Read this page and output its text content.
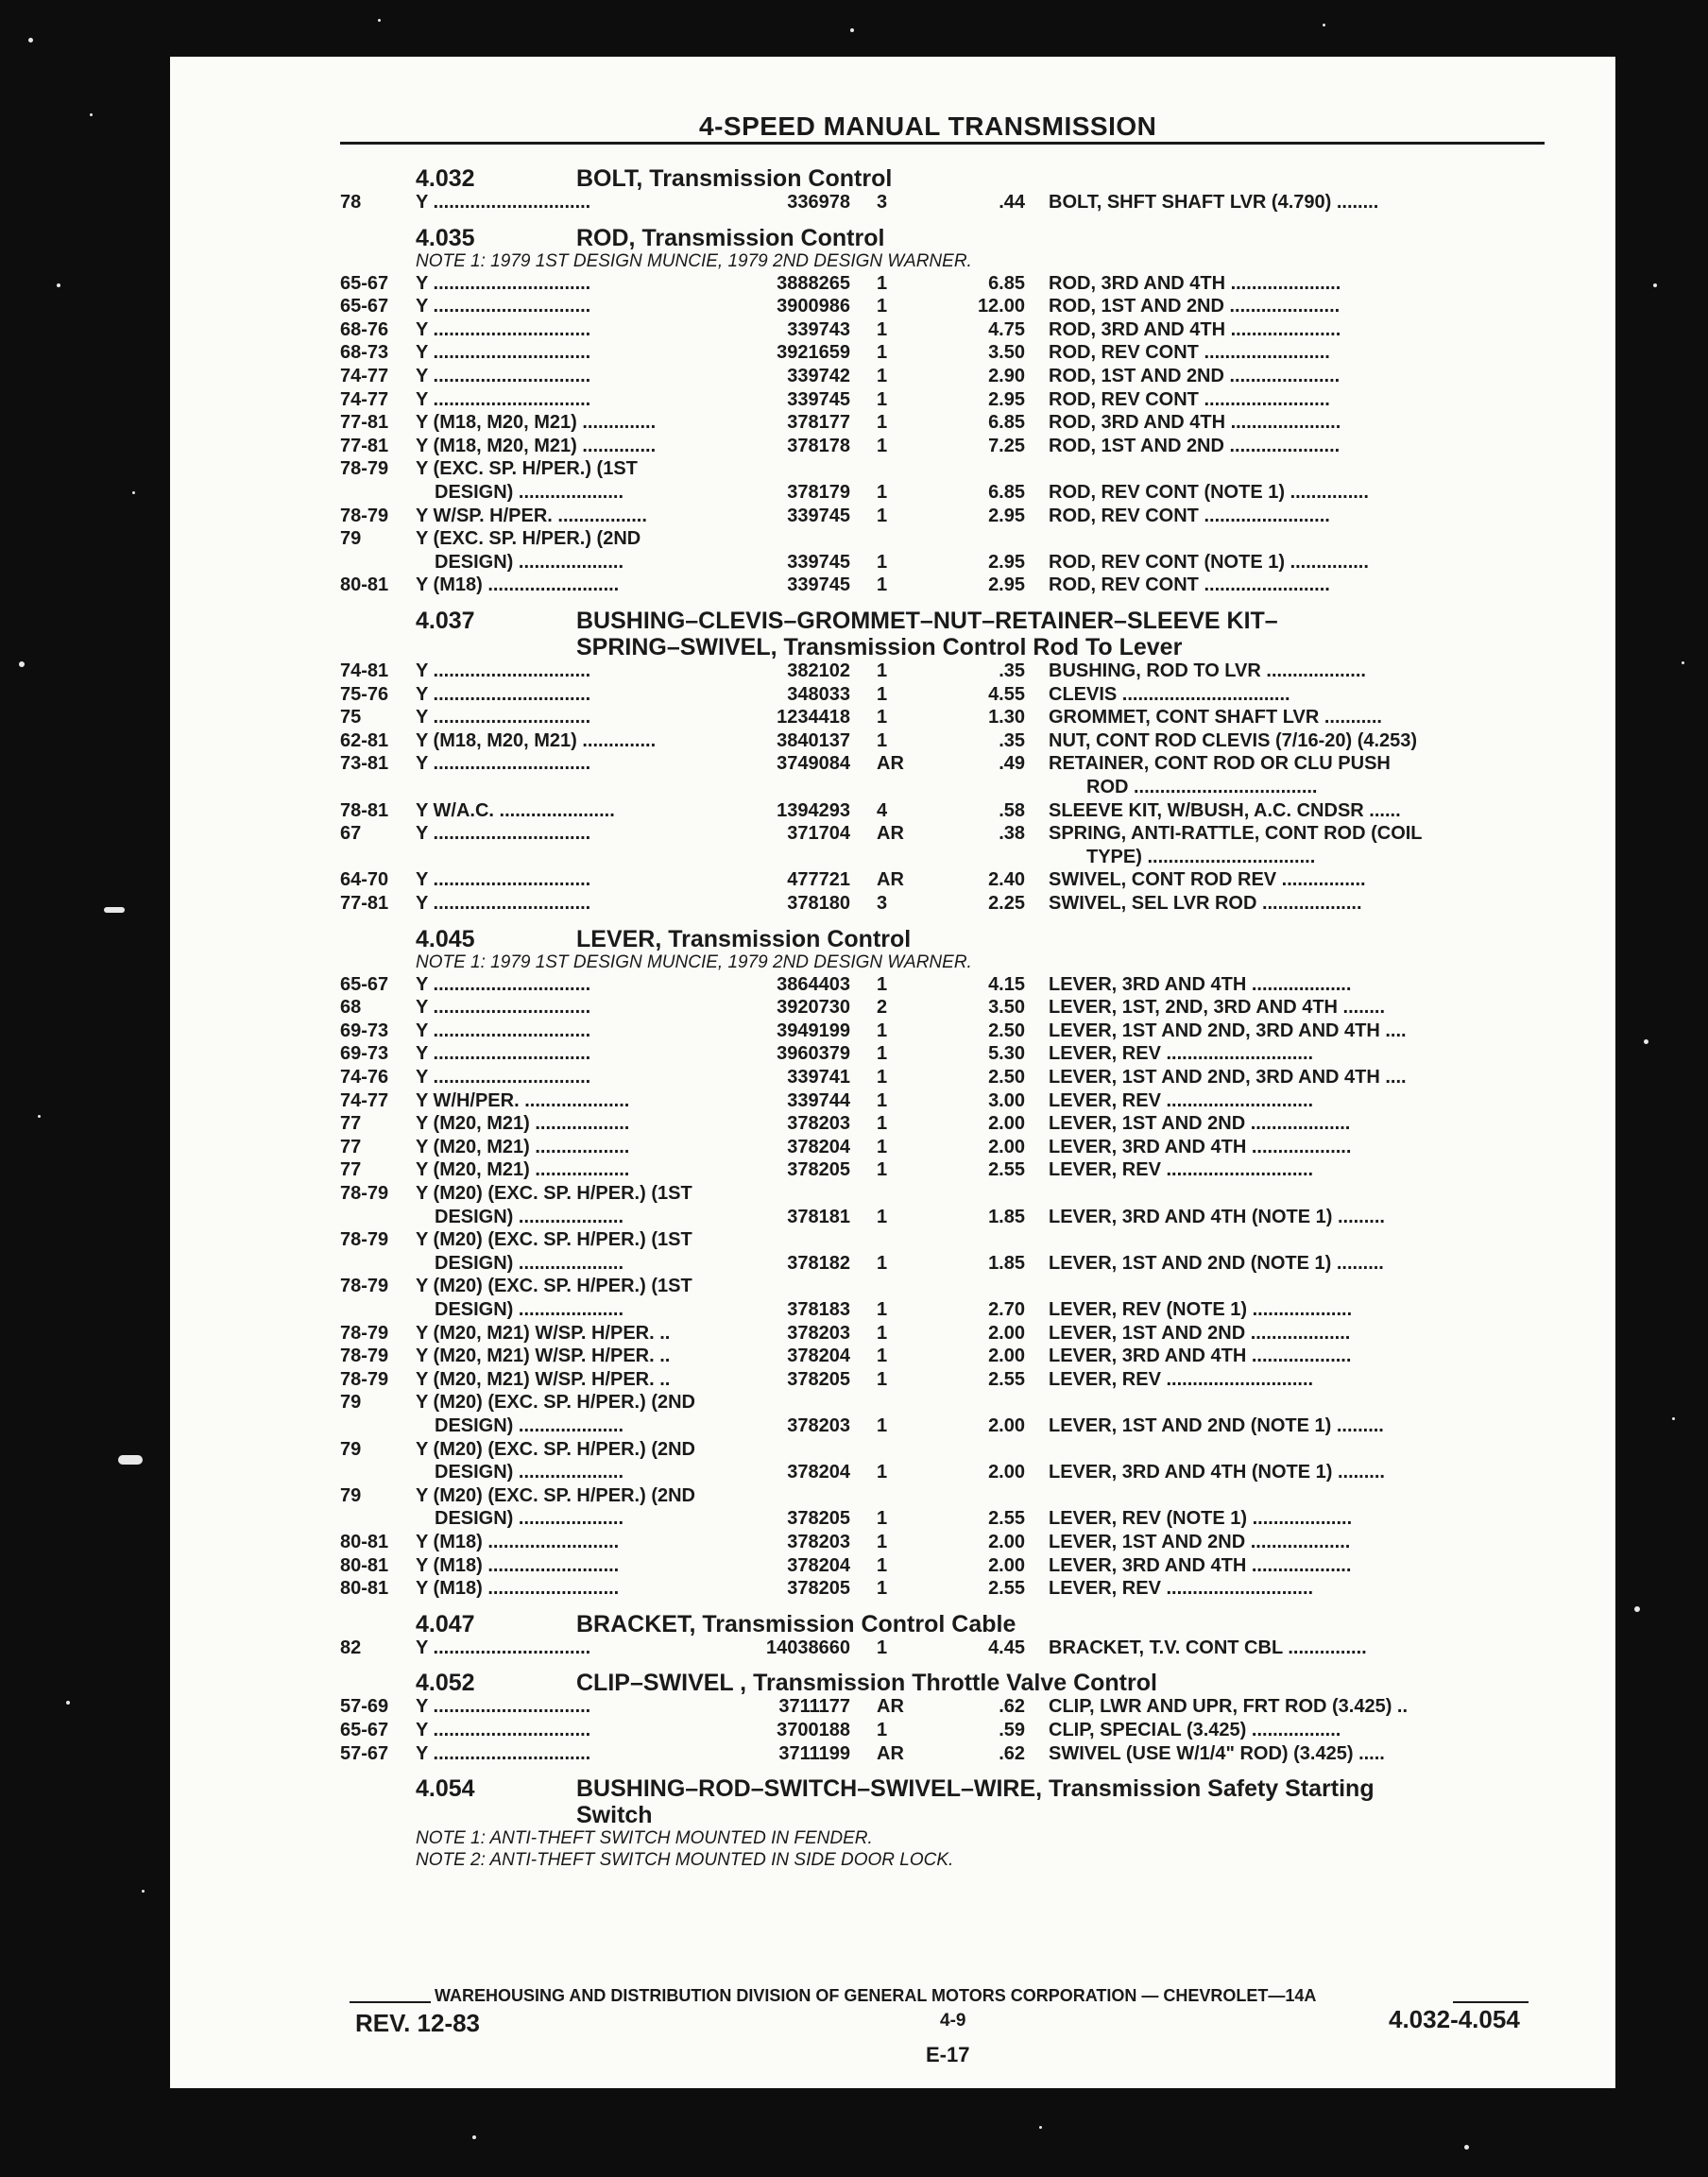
4-SPEED MANUAL TRANSMISSION
4.032	BOLT, Transmission Control
78	Y ..............................	336978 3	.44 BOLT, SHFT SHAFT LVR (4.790) ........
4.035	ROD, Transmission Control
NOTE 1: 1979 1ST DESIGN MUNCIE, 1979 2ND DESIGN WARNER.
65-67 Y ..............................	3888265 1	6.85 ROD, 3RD AND 4TH .....................
65-67 Y ..............................	3900986 1	12.00 ROD, 1ST AND 2ND .....................
68-76 Y ..............................	339743 1	4.75 ROD, 3RD AND 4TH .....................
68-73 Y ..............................	3921659 1	3.50 ROD, REV CONT ........................
74-77 Y ..............................	339742 1	2.90 ROD, 1ST AND 2ND .....................
74-77 Y ..............................	339745 1	2.95 ROD, REV CONT ........................
77-81 Y (M18, M20, M21) ..............	378177 1	6.85 ROD, 3RD AND 4TH .....................
77-81 Y (M18, M20, M21) ..............	378178 1	7.25 ROD, 1ST AND 2ND .....................
78-79 Y (EXC. SP. H/PER.) (1ST
DESIGN) ....................	378179 1	6.85 ROD, REV CONT (NOTE 1) ...............
78-79 Y W/SP. H/PER. .................	339745 1	2.95 ROD, REV CONT ........................
79	Y (EXC. SP. H/PER.) (2ND
DESIGN) ....................	339745 1	2.95 ROD, REV CONT (NOTE 1) ...............
80-81 Y (M18) .........................	339745 1	2.95 ROD, REV CONT ........................
4.037	BUSHING–CLEVIS–GROMMET–NUT–RETAINER–SLEEVE KIT–
SPRING–SWIVEL, Transmission Control Rod To Lever
74-81 Y ..............................	382102 1	.35 BUSHING, ROD TO LVR ...................
75-76 Y ..............................	348033 1	4.55 CLEVIS ................................
75	Y ..............................	1234418 1	1.30 GROMMET, CONT SHAFT LVR ...........
62-81 Y (M18, M20, M21) ..............	3840137 1	.35 NUT, CONT ROD CLEVIS (7/16-20) (4.253)
73-81 Y ..............................	3749084 AR	.49 RETAINER, CONT ROD OR CLU PUSH
ROD ...................................
78-81 Y W/A.C. ......................	1394293 4	.58 SLEEVE KIT, W/BUSH, A.C. CNDSR ......
67	Y ..............................	371704 AR	.38 SPRING, ANTI-RATTLE, CONT ROD (COIL
TYPE) ................................
64-70 Y ..............................	477721 AR	2.40 SWIVEL, CONT ROD REV ................
77-81 Y ..............................	378180 3	2.25 SWIVEL, SEL LVR ROD ...................
4.045	LEVER, Transmission Control
NOTE 1: 1979 1ST DESIGN MUNCIE, 1979 2ND DESIGN WARNER.
65-67 Y ..............................	3864403 1	4.15 LEVER, 3RD AND 4TH ...................
68	Y ..............................	3920730 2	3.50 LEVER, 1ST, 2ND, 3RD AND 4TH ........
69-73 Y ..............................	3949199 1	2.50 LEVER, 1ST AND 2ND, 3RD AND 4TH ....
69-73 Y ..............................	3960379 1	5.30 LEVER, REV ............................
74-76 Y ..............................	339741 1	2.50 LEVER, 1ST AND 2ND, 3RD AND 4TH ....
74-77 Y W/H/PER. ....................	339744 1	3.00 LEVER, REV ............................
77	Y (M20, M21) ..................	378203 1	2.00 LEVER, 1ST AND 2ND ...................
77	Y (M20, M21) ..................	378204 1	2.00 LEVER, 3RD AND 4TH ...................
77	Y (M20, M21) ..................	378205 1	2.55 LEVER, REV ............................
78-79 Y (M20) (EXC. SP. H/PER.) (1ST
DESIGN) ....................	378181 1	1.85 LEVER, 3RD AND 4TH (NOTE 1) .........
78-79 Y (M20) (EXC. SP. H/PER.) (1ST
DESIGN) ....................	378182 1	1.85 LEVER, 1ST AND 2ND (NOTE 1) .........
78-79 Y (M20) (EXC. SP. H/PER.) (1ST
DESIGN) ....................	378183 1	2.70 LEVER, REV (NOTE 1) ...................
78-79 Y (M20, M21) W/SP. H/PER. ..	378203 1	2.00 LEVER, 1ST AND 2ND ...................
78-79 Y (M20, M21) W/SP. H/PER. ..	378204 1	2.00 LEVER, 3RD AND 4TH ...................
78-79 Y (M20, M21) W/SP. H/PER. ..	378205 1	2.55 LEVER, REV ............................
79	Y (M20) (EXC. SP. H/PER.) (2ND
DESIGN) ....................	378203 1	2.00 LEVER, 1ST AND 2ND (NOTE 1) .........
79	Y (M20) (EXC. SP. H/PER.) (2ND
DESIGN) ....................	378204 1	2.00 LEVER, 3RD AND 4TH (NOTE 1) .........
79	Y (M20) (EXC. SP. H/PER.) (2ND
DESIGN) ....................	378205 1	2.55 LEVER, REV (NOTE 1) ...................
80-81 Y (M18) .........................	378203 1	2.00 LEVER, 1ST AND 2ND ...................
80-81 Y (M18) .........................	378204 1	2.00 LEVER, 3RD AND 4TH ...................
80-81 Y (M18) .........................	378205 1	2.55 LEVER, REV ............................
4.047	BRACKET, Transmission Control Cable
82	Y ..............................	14038660 1	4.45 BRACKET, T.V. CONT CBL ...............
4.052	CLIP–SWIVEL , Transmission Throttle Valve Control
57-69 Y ..............................	3711177 AR	.62 CLIP, LWR AND UPR, FRT ROD (3.425) ..
65-67 Y ..............................	3700188 1	.59 CLIP, SPECIAL (3.425) .................
57-67 Y ..............................	3711199 AR	.62 SWIVEL (USE W/1/4" ROD) (3.425) .....
4.054	BUSHING–ROD–SWITCH–SWIVEL–WIRE, Transmission Safety Starting
Switch
NOTE 1: ANTI-THEFT SWITCH MOUNTED IN FENDER.
NOTE 2: ANTI-THEFT SWITCH MOUNTED IN SIDE DOOR LOCK.
WAREHOUSING AND DISTRIBUTION DIVISION OF GENERAL MOTORS CORPORATION — CHEVROLET—14A
REV. 12-83	4-9	4.032-4.054
E-17
